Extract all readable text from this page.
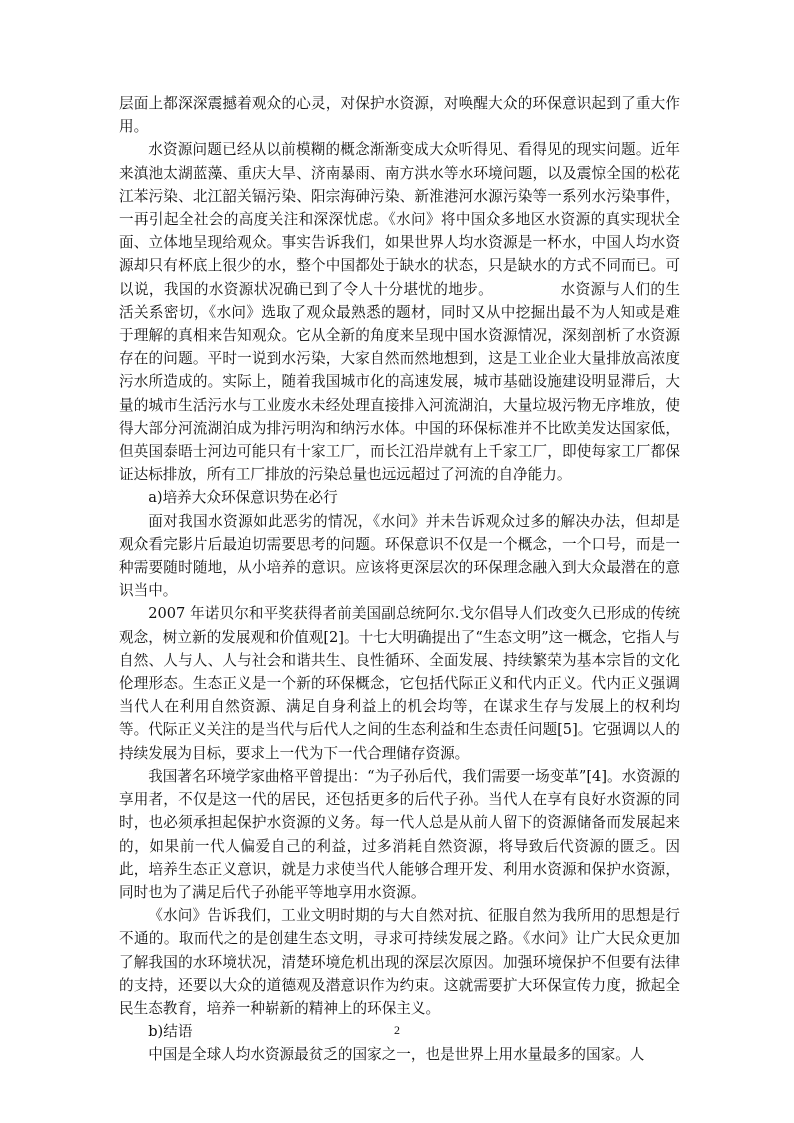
层面上都深深震撼着观众的心灵，对保护水资源，对唤醒大众的环保意识起到了重大作用。

水资源问题已经从以前模糊的概念渐渐变成大众听得见、看得见的现实问题。近年来滇池太湖蓝藻、重庆大旱、济南暴雨、南方洪水等水环境问题，以及震惊全国的松花江苯污染、北江韶关镉污染、阳宗海砷污染、新淮港河水源污染等一系列水污染事件，一再引起全社会的高度关注和深深忧虑。《水问》将中国众多地区水资源的真实现状全面、立体地呈现给观众。事实告诉我们，如果世界人均水资源是一杯水，中国人均水资源却只有杯底上很少的水，整个中国都处于缺水的状态，只是缺水的方式不同而已。可以说，我国的水资源状况确已到了令人十分堪忧的地步。　　　　　水资源与人们的生活关系密切，《水问》选取了观众最熟悉的题材，同时又从中挖掘出最不为人知或是难于理解的真相来告知观众。它从全新的角度来呈现中国水资源情况，深刻剖析了水资源存在的问题。平时一说到水污染，大家自然而然地想到，这是工业企业大量排放高浓度污水所造成的。实际上，随着我国城市化的高速发展，城市基础设施建设明显滞后，大量的城市生活污水与工业废水未经处理直接排入河流湖泊，大量垃圾污物无序堆放，使得大部分河流湖泊成为排污明沟和纳污水体。中国的环保标准并不比欧美发达国家低，但英国泰晤士河边可能只有十家工厂，而长江沿岸就有上千家工厂，即使每家工厂都保证达标排放，所有工厂排放的污染总量也远远超过了河流的自净能力。

a)培养大众环保意识势在必行

面对我国水资源如此恶劣的情况，《水问》并未告诉观众过多的解决办法，但却是观众看完影片后最迫切需要思考的问题。环保意识不仅是一个概念，一个口号，而是一种需要随时随地，从小培养的意识。应该将更深层次的环保理念融入到大众最潜在的意识当中。

2007 年诺贝尔和平奖获得者前美国副总统阿尔.戈尔倡导人们改变久已形成的传统观念，树立新的发展观和价值观[2]。十七大明确提出了“生态文明”这一概念，它指人与自然、人与人、人与社会和谐共生、良性循环、全面发展、持续繁荣为基本宗旨的文化伦理形态。生态正义是一个新的环保概念，它包括代际正义和代内正义。代内正义强调当代人在利用自然资源、满足自身利益上的机会均等，在谋求生存与发展上的权利均等。代际正义关注的是当代与后代人之间的生态利益和生态责任问题[5]。它强调以人的持续发展为目标，要求上一代为下一代合理储存资源。

我国著名环境学家曲格平曾提出：“为子孙后代，我们需要一场变革”[4]。水资源的享用者，不仅是这一代的居民，还包括更多的后代子孙。当代人在享有良好水资源的同时，也必须承担起保护水资源的义务。每一代人总是从前人留下的资源储备而发展起来的，如果前一代人偏爱自己的利益，过多消耗自然资源，将导致后代资源的匮乏。因此，培养生态正义意识，就是力求使当代人能够合理开发、利用水资源和保护水资源，同时也为了满足后代子孙能平等地享用水资源。

《水问》告诉我们，工业文明时期的与大自然对抗、征服自然为我所用的思想是行不通的。取而代之的是创建生态文明，寻求可持续发展之路。《水问》让广大民众更加了解我国的水环境状况，清楚环境危机出现的深层次原因。加强环境保护不但要有法律的支持，还要以大众的道德观及潜意识作为约束。这就需要扩大环保宣传力度，掀起全民生态教育，培养一种崭新的精神上的环保主义。

b)结语

中国是全球人均水资源最贫乏的国家之一，也是世界上用水量最多的国家。人

2
